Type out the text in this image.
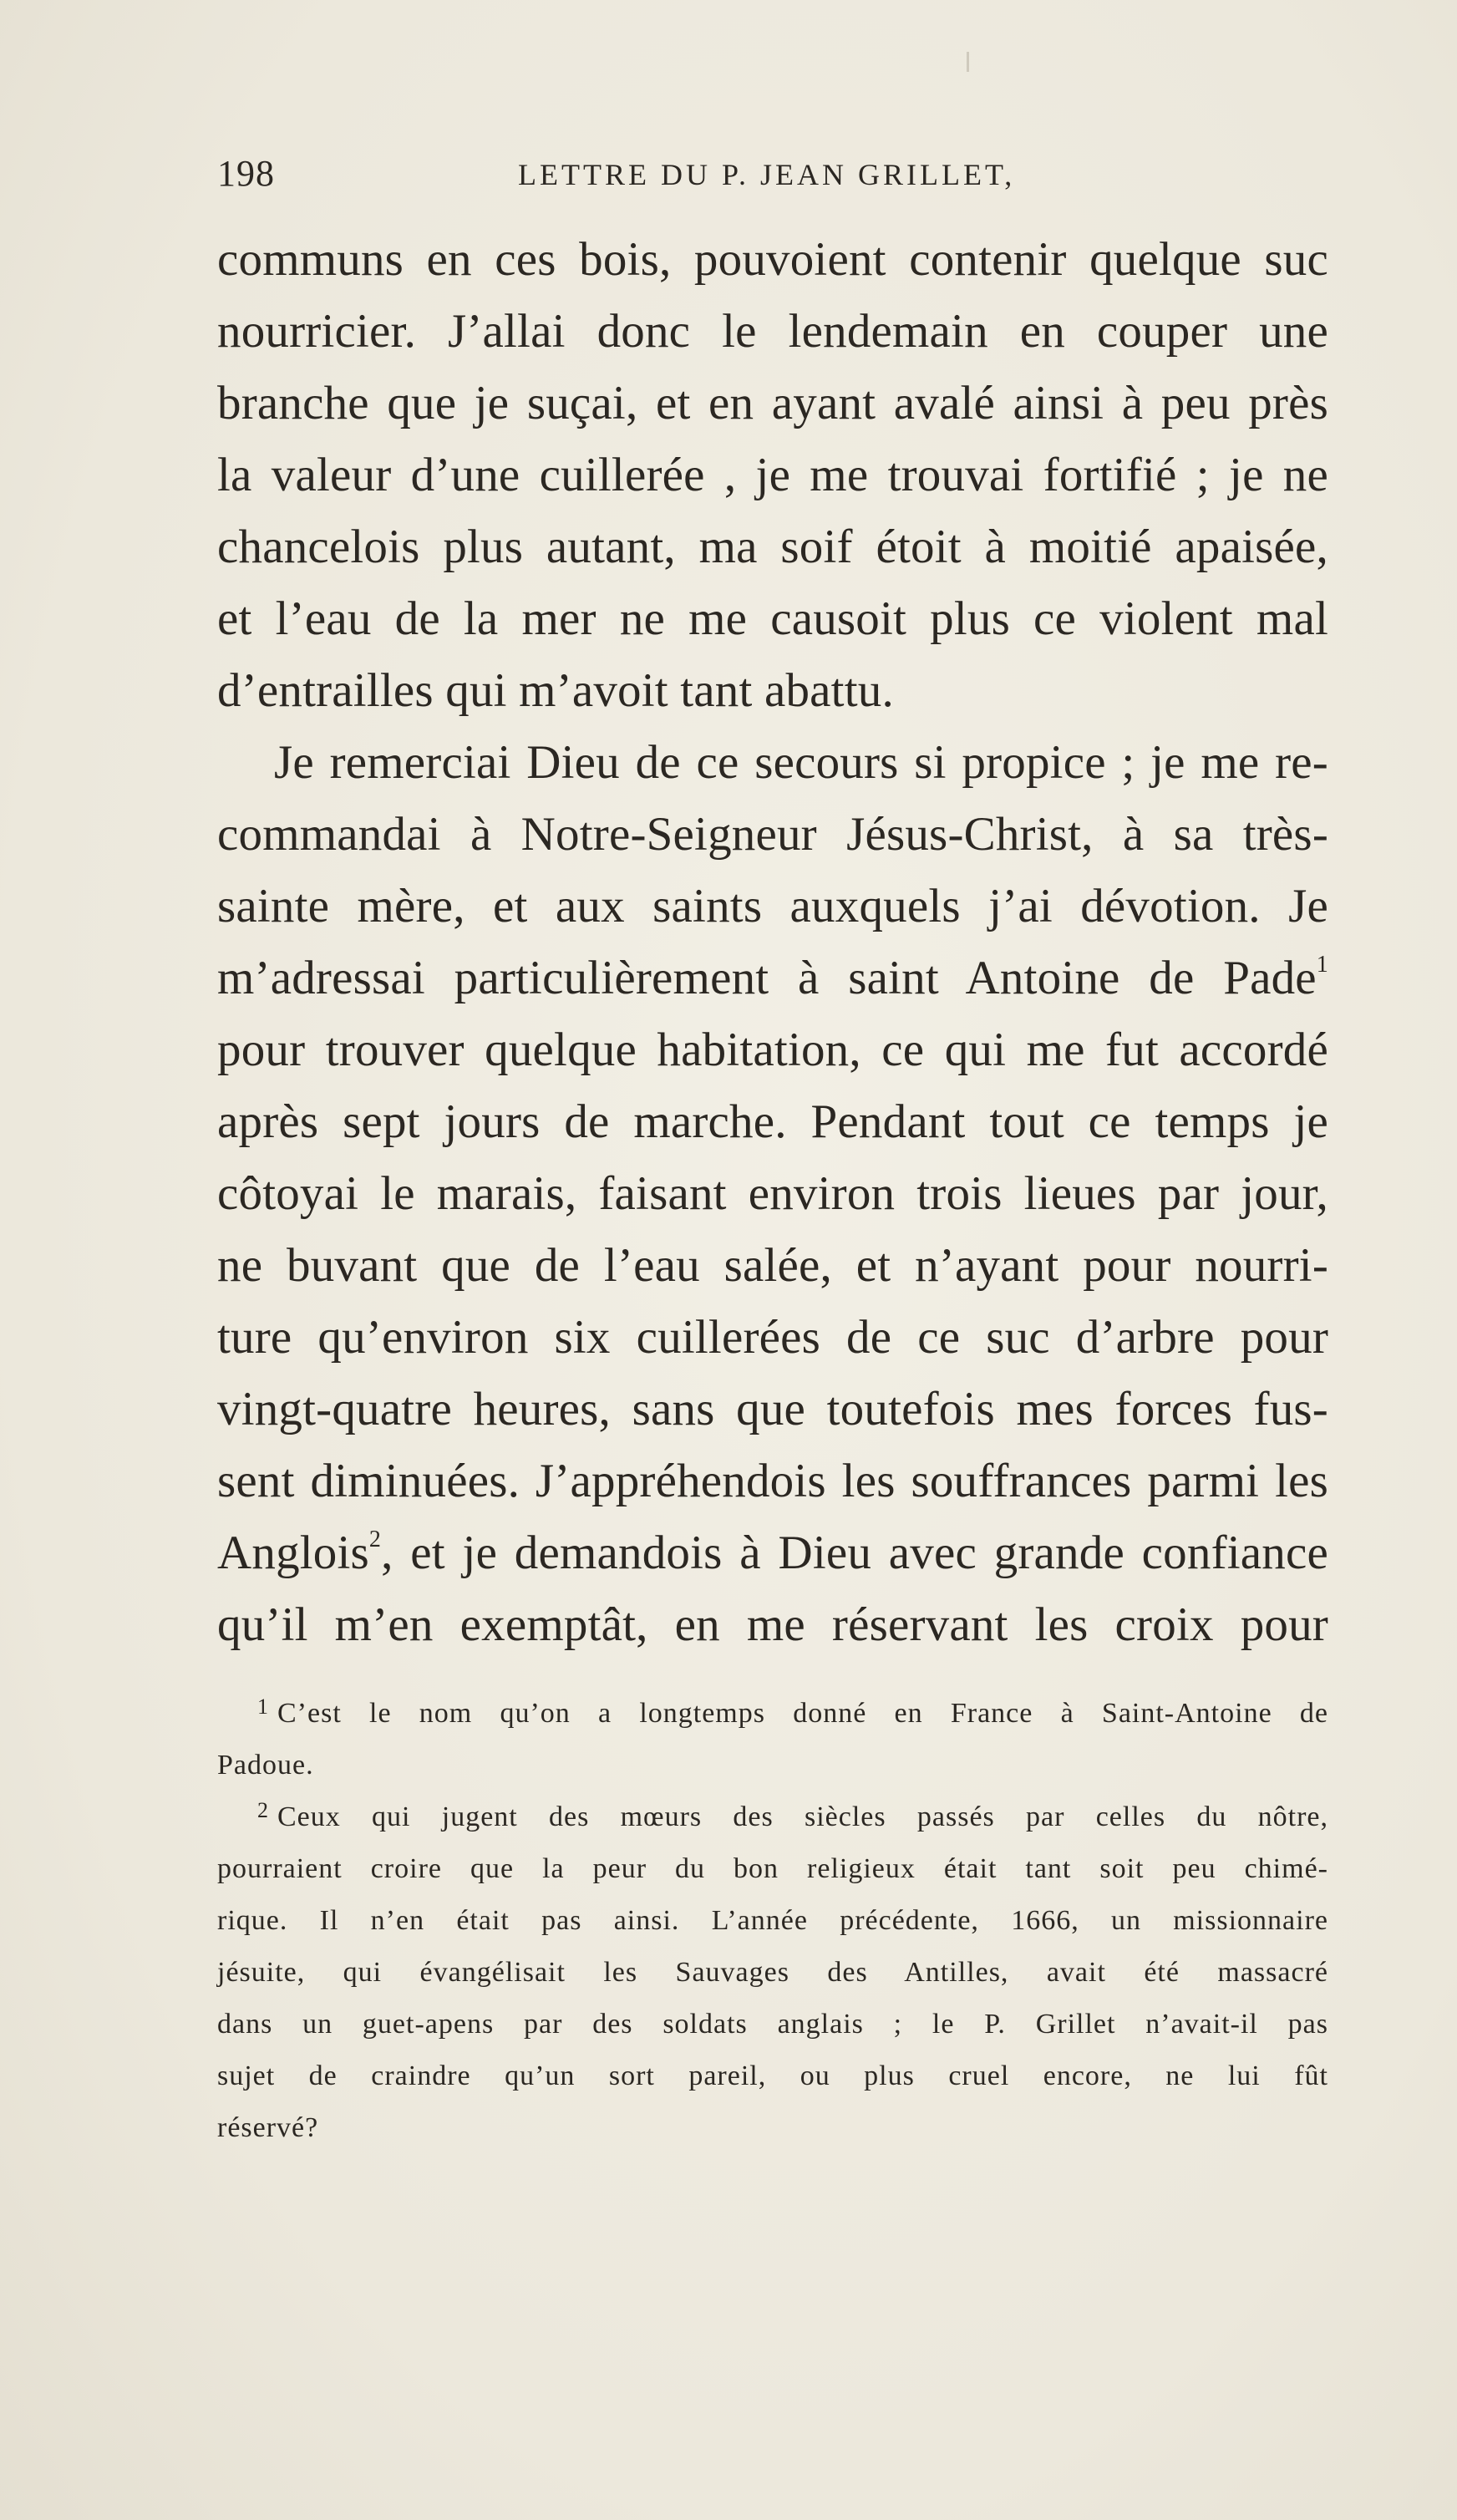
198	LETTRE DU P. JEAN GRILLET,
communs en ces bois, pouvoient contenir quelque suc
nourricier. J’allai donc le lendemain en couper une
branche que je suçai, et en ayant avalé ainsi à peu près
la valeur d’une cuillerée , je me trouvai fortifié ; je ne
chancelois plus autant, ma soif étoit à moitié apaisée,
et l’eau de la mer ne me causoit plus ce violent mal
d’entrailles qui m’avoit tant abattu.
Je remerciai Dieu de ce secours si propice ; je me re-
commandai à Notre-Seigneur Jésus-Christ, à sa très-
sainte mère, et aux saints auxquels j’ai dévotion. Je
m’adressai particulièrement à saint Antoine de Pade$^1$
pour trouver quelque habitation, ce qui me fut accordé
après sept jours de marche. Pendant tout ce temps je
côtoyai le marais, faisant environ trois lieues par jour,
ne buvant que de l’eau salée, et n’ayant pour nourri-
ture qu’environ six cuillerées de ce suc d’arbre pour
vingt-quatre heures, sans que toutefois mes forces fus-
sent diminuées. J’appréhendois les souffrances parmi les
Anglois$^2$, et je demandois à Dieu avec grande confiance
qu’il m’en exemptât, en me réservant les croix pour
$^1$ C’est le nom qu’on a longtemps donné en France à Saint-Antoine de
Padoue.
$^2$ Ceux qui jugent des mœurs des siècles passés par celles du nôtre,
pourraient croire que la peur du bon religieux était tant soit peu chimé-
rique. Il n’en était pas ainsi. L’année précédente, 1666, un missionnaire
jésuite, qui évangélisait les Sauvages des Antilles, avait été massacré
dans un guet-apens par des soldats anglais ; le P. Grillet n’avait-il pas
sujet de craindre qu’un sort pareil, ou plus cruel encore, ne lui fût
réservé?
